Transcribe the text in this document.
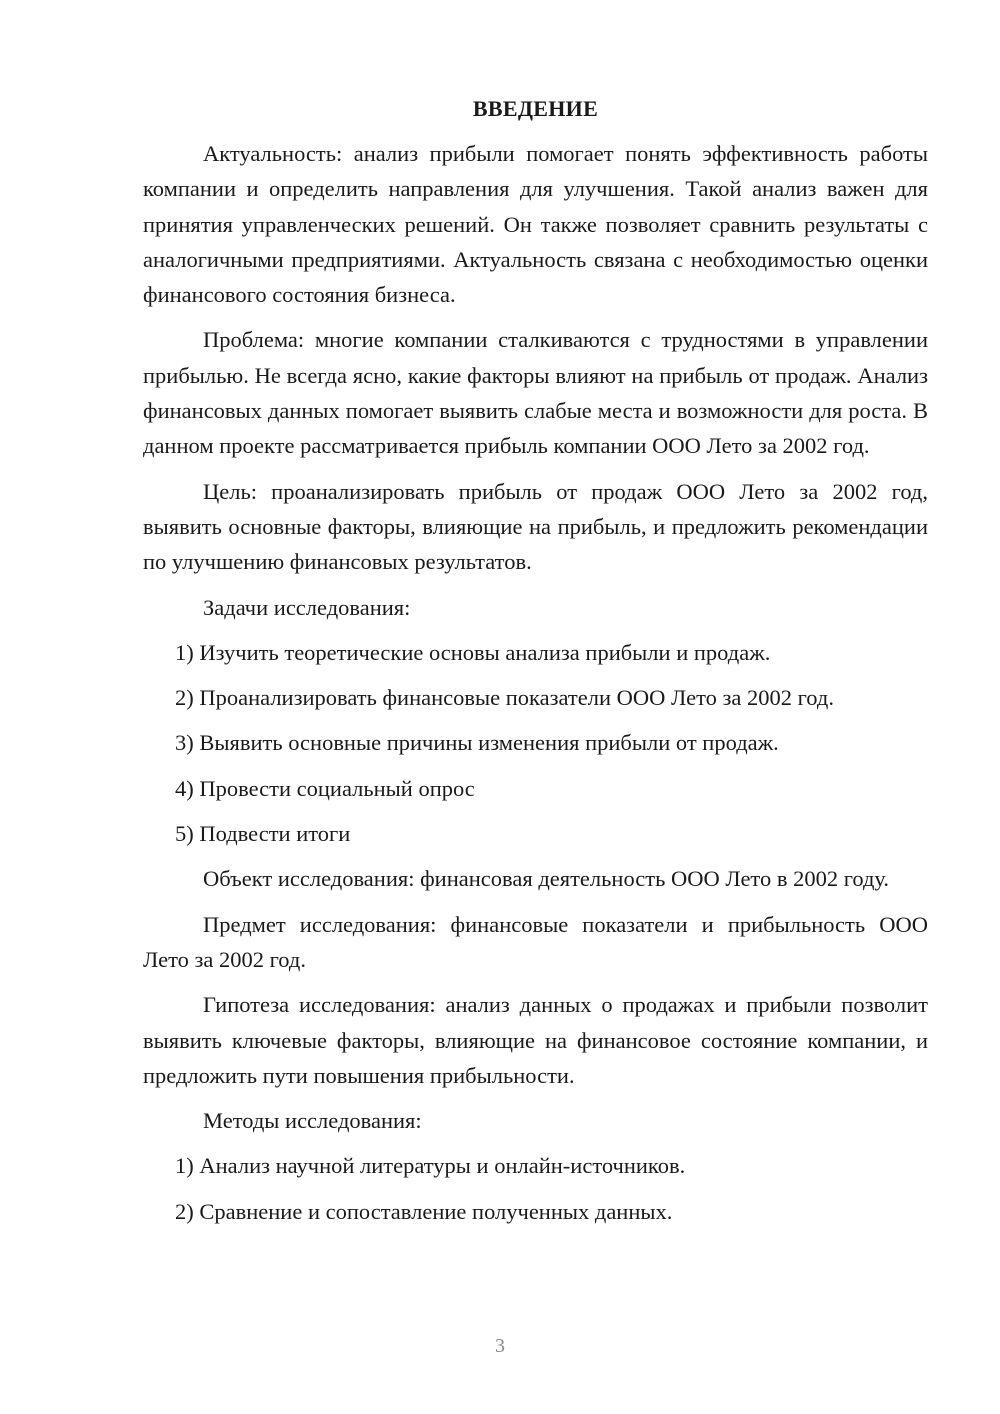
ВВЕДЕНИЕ

Актуальность: анализ прибыли помогает понять эффективность работы компании и определить направления для улучшения. Такой анализ важен для принятия управленческих решений. Он также позволяет сравнить результаты с аналогичными предприятиями. Актуальность связана с необходимостью оценки финансового состояния бизнеса.

Проблема: многие компании сталкиваются с трудностями в управлении прибылью. Не всегда ясно, какие факторы влияют на прибыль от продаж. Анализ финансовых данных помогает выявить слабые места и возможности для роста. В данном проекте рассматривается прибыль компании ООО Лето за 2002 год.

Цель: проанализировать прибыль от продаж ООО Лето за 2002 год, выявить основные факторы, влияющие на прибыль, и предложить рекомендации по улучшению финансовых результатов.

Задачи исследования:

1) Изучить теоретические основы анализа прибыли и продаж.

2) Проанализировать финансовые показатели ООО Лето за 2002 год.

3) Выявить основные причины изменения прибыли от продаж.

4) Провести социальный опрос

5) Подвести итоги

Объект исследования: финансовая деятельность ООО Лето в 2002 году.

Предмет исследования: финансовые показатели и прибыльность ООО Лето за 2002 год.

Гипотеза исследования: анализ данных о продажах и прибыли позволит выявить ключевые факторы, влияющие на финансовое состояние компании, и предложить пути повышения прибыльности.

Методы исследования:

1) Анализ научной литературы и онлайн-источников.

2) Сравнение и сопоставление полученных данных.

3
